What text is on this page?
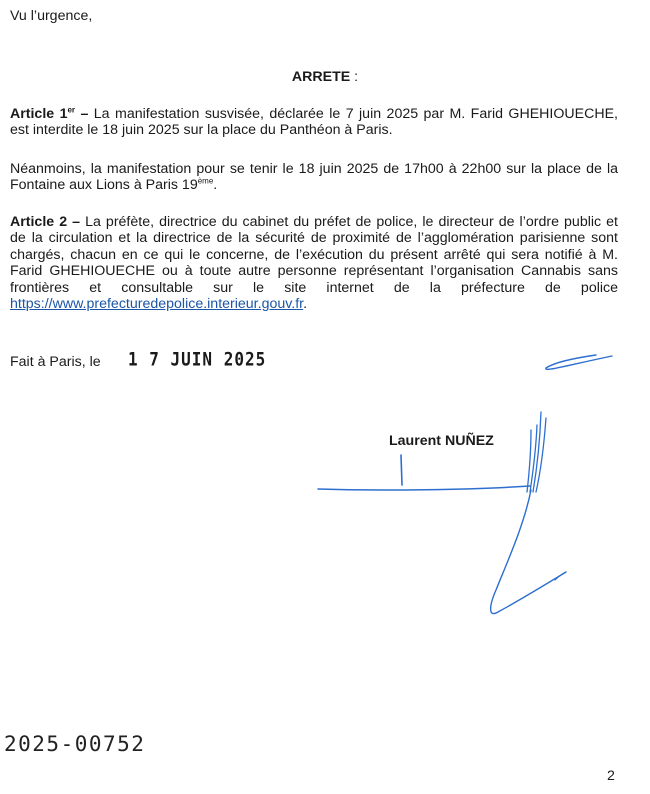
Vu l’urgence,

ARRETE :

Article 1er – La manifestation susvisée, déclarée le 7 juin 2025 par M. Farid GHEHIOUECHE, est interdite le 18 juin 2025 sur la place du Panthéon à Paris.

Néanmoins, la manifestation pour se tenir le 18 juin 2025 de 17h00 à 22h00 sur la place de la Fontaine aux Lions à Paris 19ème.

Article 2 – La préfète, directrice du cabinet du préfet de police, le directeur de l’ordre public et de la circulation et la directrice de la sécurité de proximité de l’agglomération parisienne sont chargés, chacun en ce qui le concerne, de l’exécution du présent arrêté qui sera notifié à M. Farid GHEHIOUECHE ou à toute autre personne représentant l’organisation Cannabis sans frontières et consultable sur le site internet de la préfecture de police https://www.prefecturedepolice.interieur.gouv.fr.

Fait à Paris, le 1 7 JUIN 2025

Laurent NUÑEZ

2025-00752

2
